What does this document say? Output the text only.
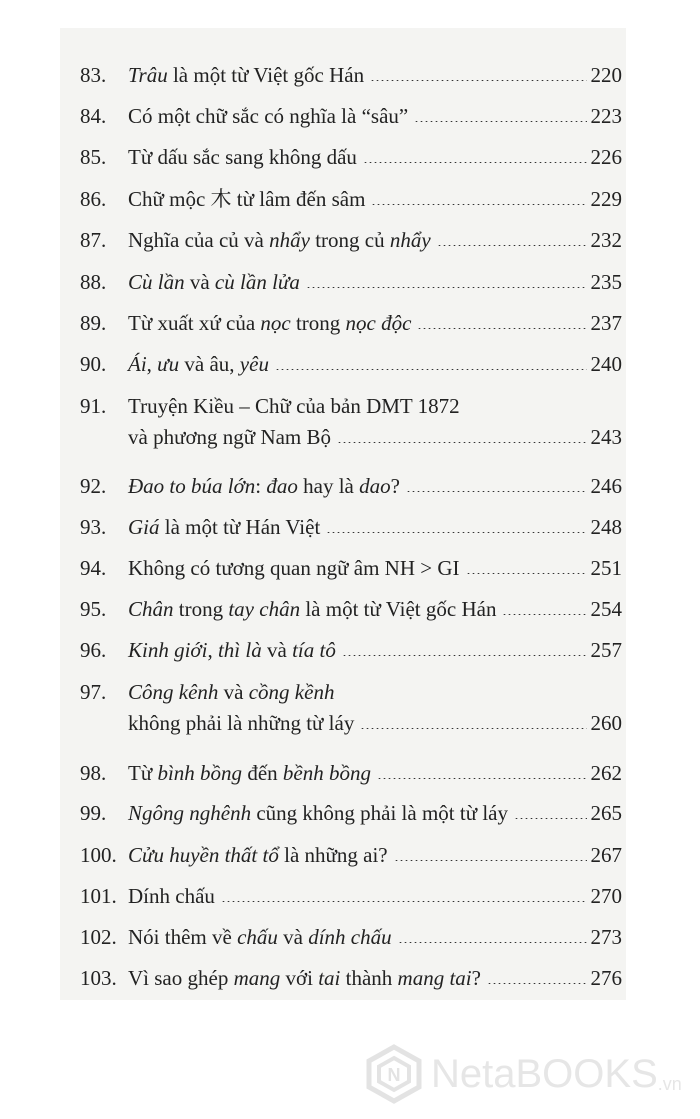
83.	Trâu là một từ Việt gốc Hán	220
84.	Có một chữ sắc có nghĩa là “sâu”	223
85.	Từ dấu sắc sang không dấu	226
86.	Chữ mộc 木 từ lâm đến sâm	229
87.	Nghĩa của củ và nhẩy trong củ nhẩy	232
88.	Cù lần và cù lần lửa	235
89.	Từ xuất xứ của nọc trong nọc độc	237
90.	Ái, ưu và âu, yêu	240
91.	Truyện Kiều – Chữ của bản DMT 1872
và phương ngữ Nam Bộ	243
92.	Đao to búa lớn: đao hay là dao?	246
93.	Giá là một từ Hán Việt	248
94.	Không có tương quan ngữ âm NH > GI	251
95.	Chân trong tay chân là một từ Việt gốc Hán	254
96.	Kinh giới, thì là và tía tô	257
97.	Công kênh và cồng kềnh
không phải là những từ láy	260
98.	Từ bình bồng đến bềnh bồng	262
99.	Ngông nghênh cũng không phải là một từ láy	265
100. Cửu huyền thất tổ là những ai?	267
101. Dính chấu	270
102. Nói thêm về chấu và dính chấu	273
103. Vì sao ghép mang với tai thành mang tai?	276
N NetaBOOKS .vn
